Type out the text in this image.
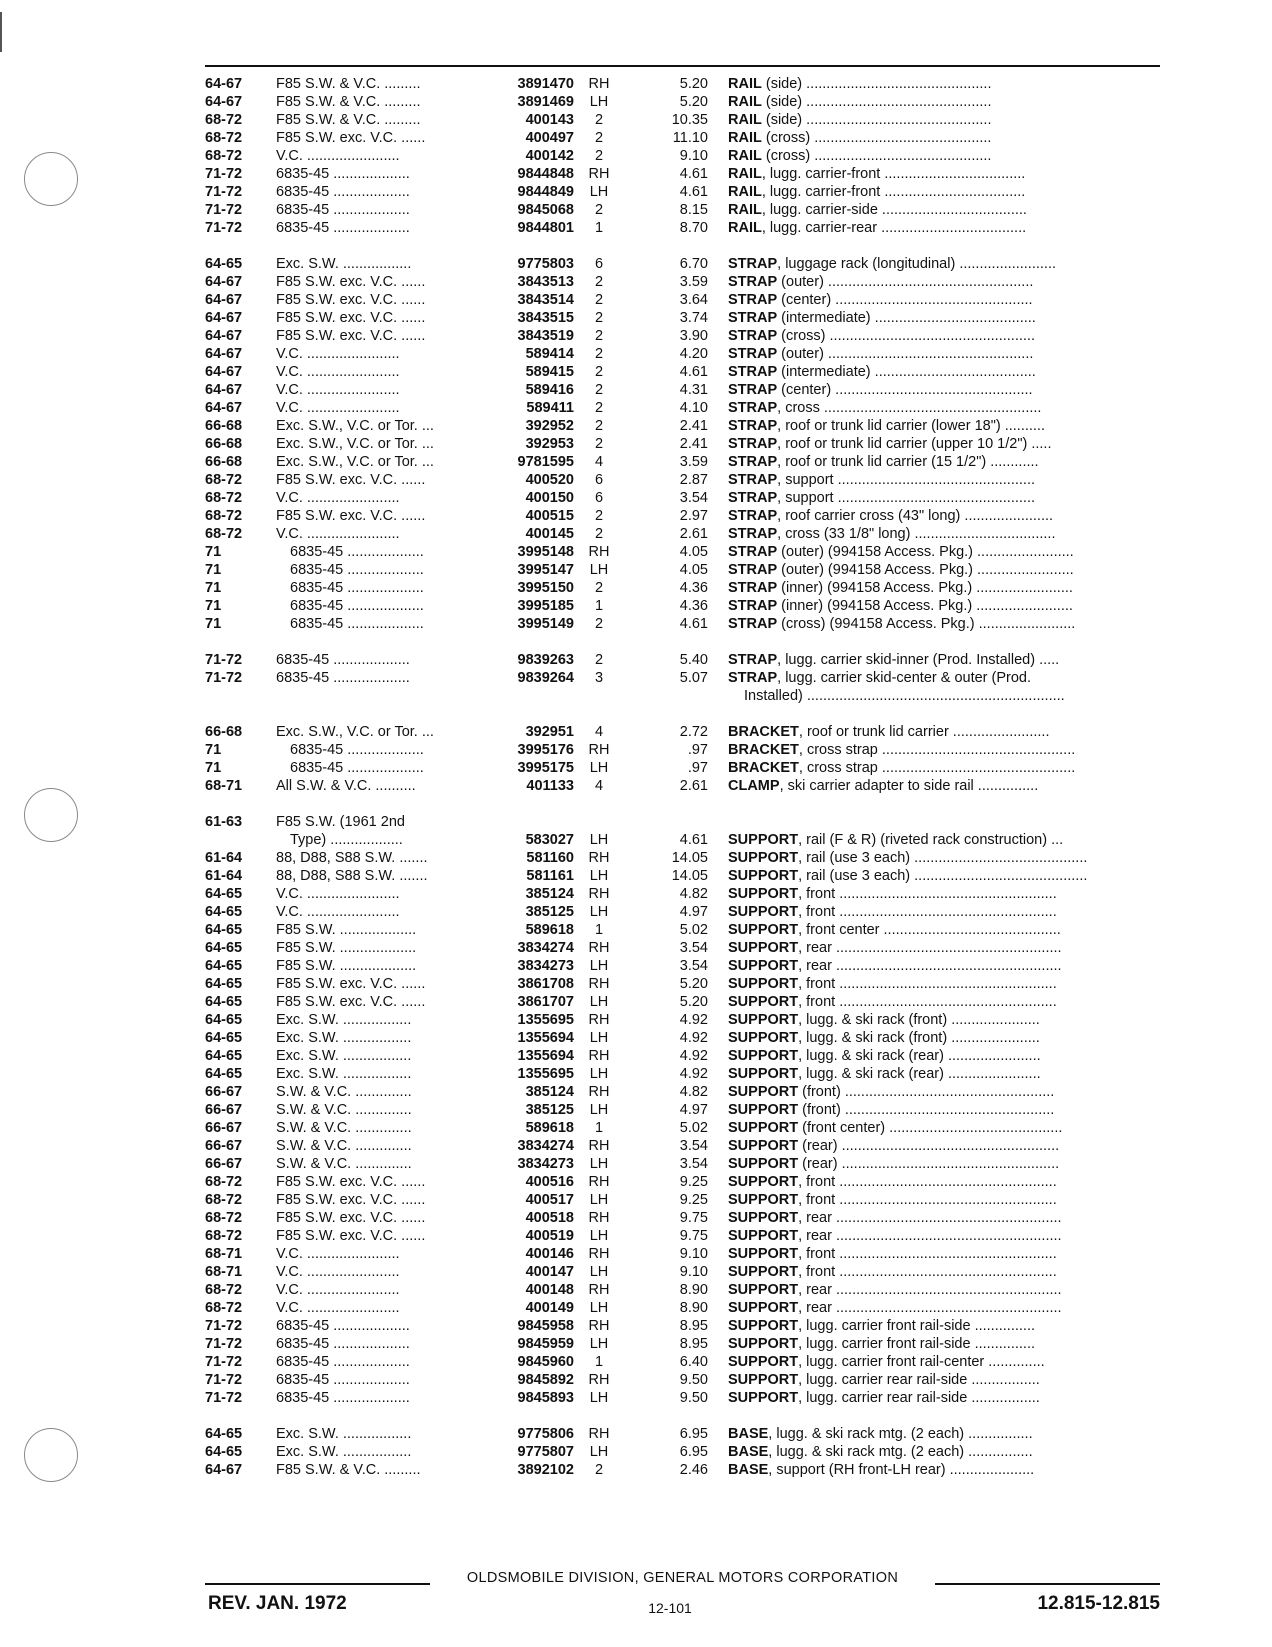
64-67 F85 S.W. & V.C. .........	3891470 RH	5.20 RAIL (side) ..............................................
64-67 F85 S.W. & V.C. .........	3891469 LH	5.20 RAIL (side) ..............................................
68-72 F85 S.W. & V.C. .........	400143	2	10.35 RAIL (side) ..............................................
68-72 F85 S.W. exc. V.C. ......	400497	2	11.10 RAIL (cross) ............................................
68-72 V.C. .......................	400142	2	9.10 RAIL (cross) ............................................
71-72 6835-45 ...................	9844848 RH	4.61 RAIL, lugg. carrier-front ...................................
71-72 6835-45 ...................	9844849 LH	4.61 RAIL, lugg. carrier-front ...................................
71-72 6835-45 ...................	9845068	2	8.15 RAIL, lugg. carrier-side ....................................
71-72 6835-45 ...................	9844801	1	8.70 RAIL, lugg. carrier-rear ....................................
64-65 Exc. S.W. .................	9775803	6	6.70 STRAP, luggage rack (longitudinal) ........................
64-67 F85 S.W. exc. V.C. ......	3843513	2	3.59 STRAP (outer) ...................................................
64-67 F85 S.W. exc. V.C. ......	3843514	2	3.64 STRAP (center) .................................................
64-67 F85 S.W. exc. V.C. ......	3843515	2	3.74 STRAP (intermediate) ........................................
64-67 F85 S.W. exc. V.C. ......	3843519	2	3.90 STRAP (cross) ...................................................
64-67 V.C. .......................	589414	2	4.20 STRAP (outer) ...................................................
64-67 V.C. .......................	589415	2	4.61 STRAP (intermediate) ........................................
64-67 V.C. .......................	589416	2	4.31 STRAP (center) .................................................
64-67 V.C. .......................	589411	2	4.10 STRAP, cross ......................................................
66-68 Exc. S.W., V.C. or Tor. ...	392952	2	2.41 STRAP, roof or trunk lid carrier (lower 18") ..........
66-68 Exc. S.W., V.C. or Tor. ...	392953	2	2.41 STRAP, roof or trunk lid carrier (upper 10 1/2") .....
66-68 Exc. S.W., V.C. or Tor. ...	9781595	4	3.59 STRAP, roof or trunk lid carrier (15 1/2") ............
68-72 F85 S.W. exc. V.C. ......	400520	6	2.87 STRAP, support .................................................
68-72 V.C. .......................	400150	6	3.54 STRAP, support .................................................
68-72 F85 S.W. exc. V.C. ......	400515	2	2.97 STRAP, roof carrier cross (43" long) ......................
68-72 V.C. .......................	400145	2	2.61 STRAP, cross (33 1/8" long) ...................................
71	6835-45 ...................	3995148 RH	4.05 STRAP (outer) (994158 Access. Pkg.) ........................
71	6835-45 ...................	3995147 LH	4.05 STRAP (outer) (994158 Access. Pkg.) ........................
71	6835-45 ...................	3995150	2	4.36 STRAP (inner) (994158 Access. Pkg.) ........................
71	6835-45 ...................	3995185	1	4.36 STRAP (inner) (994158 Access. Pkg.) ........................
71	6835-45 ...................	3995149	2	4.61 STRAP (cross) (994158 Access. Pkg.) ........................
71-72 6835-45 ...................	9839263	2	5.40 STRAP, lugg. carrier skid-inner (Prod. Installed) .....
71-72 6835-45 ...................	9839264	3	5.07 STRAP, lugg. carrier skid-center & outer (Prod.
Installed) ................................................................
66-68 Exc. S.W., V.C. or Tor. ...	392951	4	2.72 BRACKET, roof or trunk lid carrier ........................
71	6835-45 ...................	3995176 RH	.97 BRACKET, cross strap ................................................
71	6835-45 ...................	3995175 LH	.97 BRACKET, cross strap ................................................
68-71 All S.W. & V.C. ..........	401133	4	2.61 CLAMP, ski carrier adapter to side rail ...............
61-63 F85 S.W. (1961 2nd
Type) ..................	583027 LH	4.61 SUPPORT, rail (F & R) (riveted rack construction) ...
61-64 88, D88, S88 S.W. .......	581160 RH	14.05 SUPPORT, rail (use 3 each) ...........................................
61-64 88, D88, S88 S.W. .......	581161 LH	14.05 SUPPORT, rail (use 3 each) ...........................................
64-65 V.C. .......................	385124 RH	4.82 SUPPORT, front ......................................................
64-65 V.C. .......................	385125 LH	4.97 SUPPORT, front ......................................................
64-65 F85 S.W. ...................	589618	1	5.02 SUPPORT, front center ............................................
64-65 F85 S.W. ...................	3834274 RH	3.54 SUPPORT, rear ........................................................
64-65 F85 S.W. ...................	3834273 LH	3.54 SUPPORT, rear ........................................................
64-65 F85 S.W. exc. V.C. ......	3861708 RH	5.20 SUPPORT, front ......................................................
64-65 F85 S.W. exc. V.C. ......	3861707 LH	5.20 SUPPORT, front ......................................................
64-65 Exc. S.W. .................	1355695 RH	4.92 SUPPORT, lugg. & ski rack (front) ......................
64-65 Exc. S.W. .................	1355694 LH	4.92 SUPPORT, lugg. & ski rack (front) ......................
64-65 Exc. S.W. .................	1355694 RH	4.92 SUPPORT, lugg. & ski rack (rear) .......................
64-65 Exc. S.W. .................	1355695 LH	4.92 SUPPORT, lugg. & ski rack (rear) .......................
66-67 S.W. & V.C. ..............	385124 RH	4.82 SUPPORT (front) ....................................................
66-67 S.W. & V.C. ..............	385125 LH	4.97 SUPPORT (front) ....................................................
66-67 S.W. & V.C. ..............	589618	1	5.02 SUPPORT (front center) ...........................................
66-67 S.W. & V.C. ..............	3834274 RH	3.54 SUPPORT (rear) ......................................................
66-67 S.W. & V.C. ..............	3834273 LH	3.54 SUPPORT (rear) ......................................................
68-72 F85 S.W. exc. V.C. ......	400516 RH	9.25 SUPPORT, front ......................................................
68-72 F85 S.W. exc. V.C. ......	400517 LH	9.25 SUPPORT, front ......................................................
68-72 F85 S.W. exc. V.C. ......	400518 RH	9.75 SUPPORT, rear ........................................................
68-72 F85 S.W. exc. V.C. ......	400519 LH	9.75 SUPPORT, rear ........................................................
68-71 V.C. .......................	400146 RH	9.10 SUPPORT, front ......................................................
68-71 V.C. .......................	400147 LH	9.10 SUPPORT, front ......................................................
68-72 V.C. .......................	400148 RH	8.90 SUPPORT, rear ........................................................
68-72 V.C. .......................	400149 LH	8.90 SUPPORT, rear ........................................................
71-72 6835-45 ...................	9845958 RH	8.95 SUPPORT, lugg. carrier front rail-side ...............
71-72 6835-45 ...................	9845959 LH	8.95 SUPPORT, lugg. carrier front rail-side ...............
71-72 6835-45 ...................	9845960	1	6.40 SUPPORT, lugg. carrier front rail-center ..............
71-72 6835-45 ...................	9845892 RH	9.50 SUPPORT, lugg. carrier rear rail-side .................
71-72 6835-45 ...................	9845893 LH	9.50 SUPPORT, lugg. carrier rear rail-side .................
64-65 Exc. S.W. .................	9775806 RH	6.95 BASE, lugg. & ski rack mtg. (2 each) ................
64-65 Exc. S.W. .................	9775807 LH	6.95 BASE, lugg. & ski rack mtg. (2 each) ................
64-67 F85 S.W. & V.C. .........	3892102	2	2.46 BASE, support (RH front-LH rear) .....................
OLDSMOBILE DIVISION, GENERAL MOTORS CORPORATION
REV. JAN. 1972	12-101	12.815-12.815
